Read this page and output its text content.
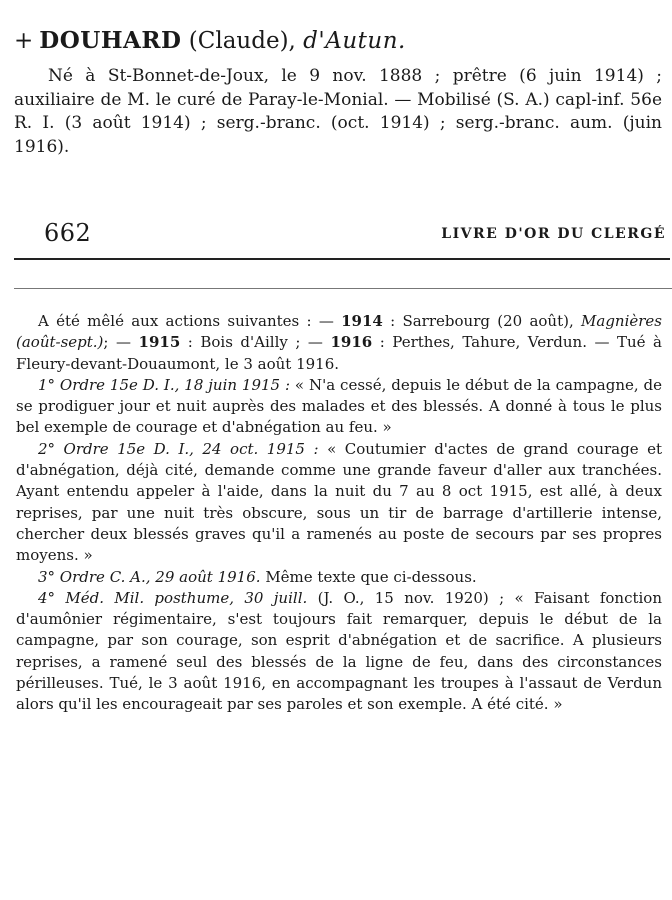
+ DOUHARD (Claude), d'Autun.

Né à St-Bonnet-de-Joux, le 9 nov. 1888 ; prêtre (6 juin 1914) ; auxiliaire de M. le curé de Paray-le-Monial. — Mobilisé (S. A.) capl-inf. 56e R. I. (3 août 1914) ; serg.-branc. (oct. 1914) ; serg.-branc. aum. (juin 1916).

662	LIVRE D'OR DU CLERGÉ

A été mêlé aux actions suivantes : — 1914 : Sarrebourg (20 août), Magnières (août-sept.); — 1915 : Bois d'Ailly ; — 1916 : Perthes, Tahure, Verdun. — Tué à Fleury-devant-Douaumont, le 3 août 1916.

1° Ordre 15e D. I., 18 juin 1915 : « N'a cessé, depuis le début de la campagne, de se prodiguer jour et nuit auprès des malades et des blessés. A donné à tous le plus bel exemple de courage et d'abnégation au feu. »

2° Ordre 15e D. I., 24 oct. 1915 : « Coutumier d'actes de grand courage et d'abnégation, déjà cité, demande comme une grande faveur d'aller aux tranchées. Ayant entendu appeler à l'aide, dans la nuit du 7 au 8 oct 1915, est allé, à deux reprises, par une nuit très obscure, sous un tir de barrage d'artillerie intense, chercher deux blessés graves qu'il a ramenés au poste de secours par ses propres moyens. »

3° Ordre C. A., 29 août 1916. Même texte que ci-dessous.

4° Méd. Mil. posthume, 30 juill. (J. O., 15 nov. 1920) ; « Faisant fonction d'aumônier régimentaire, s'est toujours fait remarquer, depuis le début de la campagne, par son courage, son esprit d'abnégation et de sacrifice. A plusieurs reprises, a ramené seul des blessés de la ligne de feu, dans des circonstances périlleuses. Tué, le 3 août 1916, en accompagnant les troupes à l'assaut de Verdun alors qu'il les encourageait par ses paroles et son exemple. A été cité. »
